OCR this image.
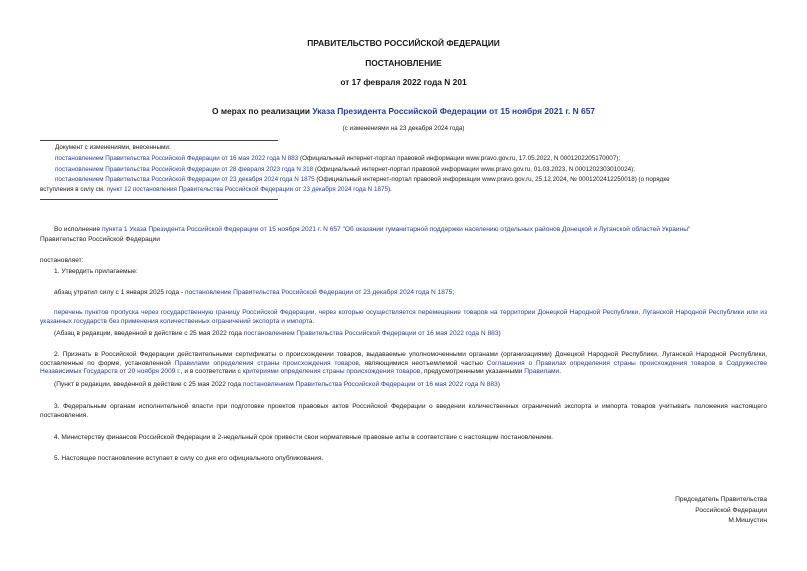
ПРАВИТЕЛЬСТВО РОССИЙСКОЙ ФЕДЕРАЦИИ
ПОСТАНОВЛЕНИЕ
от 17 февраля 2022 года N 201
О мерах по реализации Указа Президента Российской Федерации от 15 ноября 2021 г. N 657
(с изменениями на 23 декабря 2024 года)
Документ с изменениями, внесенными:
постановлением Правительства Российской Федерации от 16 мая 2022 года N 883 (Официальный интернет-портал правовой информации www.pravo.gov.ru, 17.05.2022, N 0001202205170007);
постановлением Правительства Российской Федерации от 28 февраля 2023 года N 318 (Официальный интернет-портал правовой информации www.pravo.gov.ru, 01.03.2023, N 0001202303010024);
постановлением Правительства Российской Федерации от 23 декабря 2024 года N 1875 (Официальный интернет-портал правовой информации www.pravo.gov.ru, 25.12.2024, № 0001202412250018) (о порядке
вступления в силу см. пункт 12 постановления Правительства Российской Федерации от 23 декабря 2024 года N 1875).
Во исполнение пункта 1 Указа Президента Российской Федерации от 15 ноября 2021 г. N 657 "Об оказании гуманитарной поддержки населению отдельных районов Донецкой и Луганской областей Украины"
Правительство Российской Федерации
постановляет:
1. Утвердить прилагаемые:
абзац утратил силу с 1 января 2025 года - постановление Правительства Российской Федерации от 23 декабря 2024 года N 1875;
перечень пунктов пропуска через государственную границу Российской Федерации, через которые осуществляется перемещение товаров на территории Донецкой Народной Республики, Луганской Народной Республики или из указанных государств без применения количественных ограничений экспорта и импорта.
(Абзац в редакции, введенной в действие с 25 мая 2022 года постановлением Правительства Российской Федерации от 16 мая 2022 года N 883)
2. Признать в Российской Федерации действительными сертификаты о происхождении товаров, выдаваемые уполномоченными органами (организациями) Донецкой Народной Республики, Луганской Народной Республики, составленные по форме, установленной Правилами определения страны происхождения товаров, являющимися неотъемлемой частью Соглашения о Правилах определения страны происхождения товаров в Содружестве Независимых Государств от 20 ноября 2009 г., и в соответствии с критериями определения страны происхождения товаров, предусмотренными указанными Правилами.
(Пункт в редакции, введенной в действие с 25 мая 2022 года постановлением Правительства Российской Федерации от 16 мая 2022 года N 883)
3. Федеральным органам исполнительной власти при подготовке проектов правовых актов Российской Федерации о введении количественных ограничений экспорта и импорта товаров учитывать положения настоящего постановления.
4. Министерству финансов Российской Федерации в 2-недельный срок привести свои нормативные правовые акты в соответствие с настоящим постановлением.
5. Настоящее постановление вступает в силу со дня его официального опубликования.
Председатель Правительства
Российской Федерации
М.Мишустин
